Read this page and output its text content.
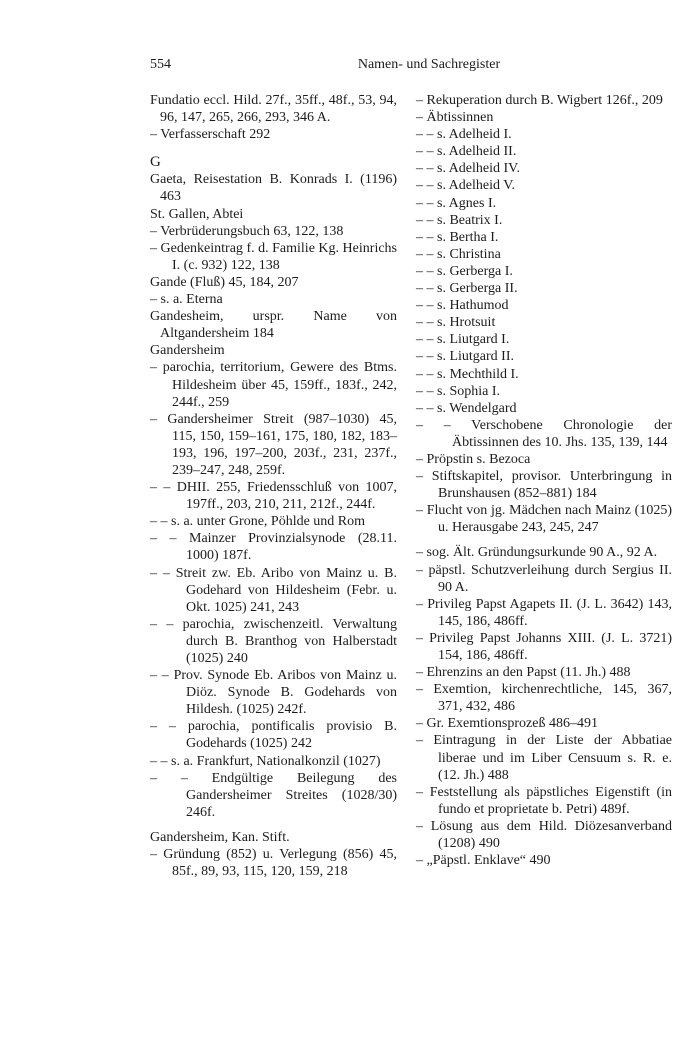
554	Namen- und Sachregister
Fundatio eccl. Hild. 27f., 35ff., 48f., 53, 94, 96, 147, 265, 266, 293, 346 A.
– Verfasserschaft 292
G
Gaeta, Reisestation B. Konrads I. (1196) 463
St. Gallen, Abtei
– Verbrüderungsbuch 63, 122, 138
– Gedenkeintrag f. d. Familie Kg. Heinrichs I. (c. 932) 122, 138
Gande (Fluß) 45, 184, 207
– s. a. Eterna
Gandesheim, urspr. Name von Altgandersheim 184
Gandersheim
– parochia, territorium, Gewere des Btms. Hildesheim über 45, 159ff., 183f., 242, 244f., 259
– Gandersheimer Streit (987–1030) 45, 115, 150, 159–161, 175, 180, 182, 183–193, 196, 197–200, 203f., 231, 237f., 239–247, 248, 259f.
– – DHII. 255, Friedensschluß von 1007, 197ff., 203, 210, 211, 212f., 244f.
– – s. a. unter Grone, Pöhlde und Rom
– – Mainzer Provinzialsynode (28.11. 1000) 187f.
– – Streit zw. Eb. Aribo von Mainz u. B. Godehard von Hildesheim (Febr. u. Okt. 1025) 241, 243
– – parochia, zwischenzeitl. Verwaltung durch B. Branthog von Halberstadt (1025) 240
– – Prov. Synode Eb. Aribos von Mainz u. Diöz. Synode B. Godehards von Hildesh. (1025) 242f.
– – parochia, pontificalis provisio B. Godehards (1025) 242
– – s. a. Frankfurt, Nationalkonzil (1027)
– – Endgültige Beilegung des Gandersheimer Streites (1028/30) 246f.
Gandersheim, Kan. Stift.
– Gründung (852) u. Verlegung (856) 45, 85f., 89, 93, 115, 120, 159, 218
– Rekuperation durch B. Wigbert 126f., 209
– Äbtissinnen
– – s. Adelheid I.
– – s. Adelheid II.
– – s. Adelheid IV.
– – s. Adelheid V.
– – s. Agnes I.
– – s. Beatrix I.
– – s. Bertha I.
– – s. Christina
– – s. Gerberga I.
– – s. Gerberga II.
– – s. Hathumod
– – s. Hrotsuit
– – s. Liutgard I.
– – s. Liutgard II.
– – s. Mechthild I.
– – s. Sophia I.
– – s. Wendelgard
– – Verschobene Chronologie der Äbtissinnen des 10. Jhs. 135, 139, 144
– Pröpstin s. Bezoca
– Stiftskapitel, provisor. Unterbringung in Brunshausen (852–881) 184
– Flucht von jg. Mädchen nach Mainz (1025) u. Herausgabe 243, 245, 247
– sog. Ält. Gründungsurkunde 90 A., 92 A.
– päpstl. Schutzverleihung durch Sergius II. 90 A.
– Privileg Papst Agapets II. (J. L. 3642) 143, 145, 186, 486ff.
– Privileg Papst Johanns XIII. (J. L. 3721) 154, 186, 486ff.
– Ehrenzins an den Papst (11. Jh.) 488
– Exemtion, kirchenrechtliche, 145, 367, 371, 432, 486
– Gr. Exemtionsprozeß 486–491
– Eintragung in der Liste der Abbatiae liberae und im Liber Censuum s. R. e. (12. Jh.) 488
– Feststellung als päpstliches Eigenstift (in fundo et proprietate b. Petri) 489f.
– Lösung aus dem Hild. Diözesanverband (1208) 490
– „Päpstl. Enklave“ 490
